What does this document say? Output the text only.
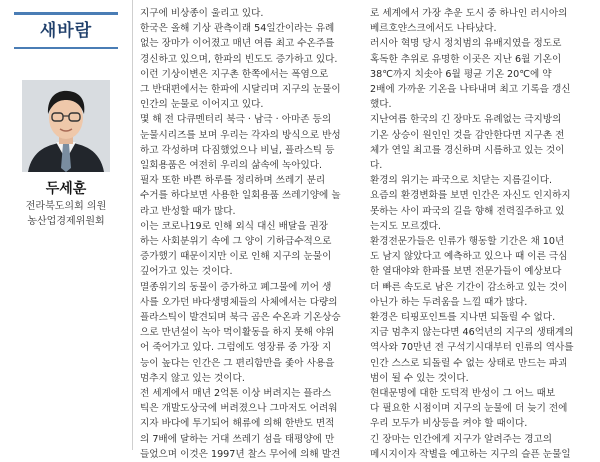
새바람
두세훈
전라북도의회 의원
농산업경제위원회
지구에 비상종이 울리고 있다.
한국은 올해 기상 관측이래 54일간이라는 유례
없는 장마가 이어졌고 매년 여름 최고 수온주를
경신하고 있으며, 한파의 빈도도 증가하고 있다.
이런 기상이변은 지구촌 한쪽에서는 폭염으로
그 반대편에서는 한파에 시달리며 지구의 눈물이
인간의 눈물로 이어지고 있다.
몇 해 전 다큐멘터리 북극 · 남극 · 아마존 등의
눈물시리즈를 보며 우리는 각자의 방식으로 반성
하고 각성하며 다짐했었으나 비닐, 플라스틱 등
일회용품은 여전히 우리의 삶속에 녹아있다.
필자 또한 바쁜 하루를 정리하며 쓰레기 분리
수거를 하다보면 사용한 일회용품 쓰레기양에 놀
라고 반성할 때가 많다.
이는 코로나19로 인해 외식 대신 배달을 권장
하는 사회분위기 속에 그 양이 기하급수적으로
증가했기 때문이지만 이로 인해 지구의 눈물이
깊어가고 있는 것이다.
멸종위기의 동물이 증가하고 폐그물에 끼어 생
사를 오가던 바다생명체들의 사체에서는 다량의
플라스틱이 발견되며 북극 곰은 수온과 기온상승
으로 만년설이 녹아 먹이활동을 하지 못해 야위
어 죽어가고 있다. 그럼에도 영장류 중 가장 지
능이 높다는 인간은 그 편리함만을 좇아 사용을
멈추지 않고 있는 것이다.
전 세계에서 매년 2억톤 이상 버려지는 플라스
틱은 개발도상국에 버려졌으나 그마저도 어려워
지자 바다에 투기되어 해류에 의해 한반도 면적
의 7배에 달하는 거대 쓰레기 섬을 태평양에 만
들었으며 이것은 1997년 찰스 무어에 의해 발견
로 세계에서 가장 추운 도시 중 하나인 러시아의
베르호얀스크에서도 나타났다.
러시아 혁명 당시 정치범의 유배지였을 정도로
혹독한 추위로 유명한 이곳은 지난 6월 기온이
38℃까지 치솟아 6월 평균 기온 20℃에 약
2배에 가까운 기온을 나타내며 최고 기록을 갱신
했다.
지난여름 한국의 긴 장마도 유례없는 극지방의
기온 상승이 원인인 것을 감안한다면 지구촌 전
체가 연일 최고를 경신하며 시름하고 있는 것이
다.
환경의 위기는 파국으로 치닫는 지름길이다.
요즘의 환경변화를 보면 인간은 자신도 인지하지
못하는 사이 파국의 길을 향해 전력질주하고 있
는지도 모르겠다.
환경전문가들은 인류가 행동할 기간은 채 10년
도 남지 않았다고 예측하고 있으나 때 이른 극심
한 열대야와 한파를 보면 전문가들이 예상보다
더 빠른 속도로 남은 기간이 감소하고 있는 것이
아닌가 하는 두려움을 느낄 때가 많다.
환경은 티핑포인트를 지나면 되돌릴 수 없다.
지금 멈추지 않는다면 46억년의 지구의 생태계의
역사와 70만년 전 구석기시대부터 인류의 역사를
인간 스스로 되돌릴 수 없는 상태로 만드는 파괴
범이 될 수 있는 것이다.
현대문명에 대한 도덕적 반성이 그 어느 때보
다 필요한 시점이며 지구의 눈물에 더 늦기 전에
우리 모두가 비상등을 켜야 할 때이다.
긴 장마는 인간에게 지구가 알려주는 경고의
메시지이자 작별을 예고하는 지구의 슬픈 눈물일
